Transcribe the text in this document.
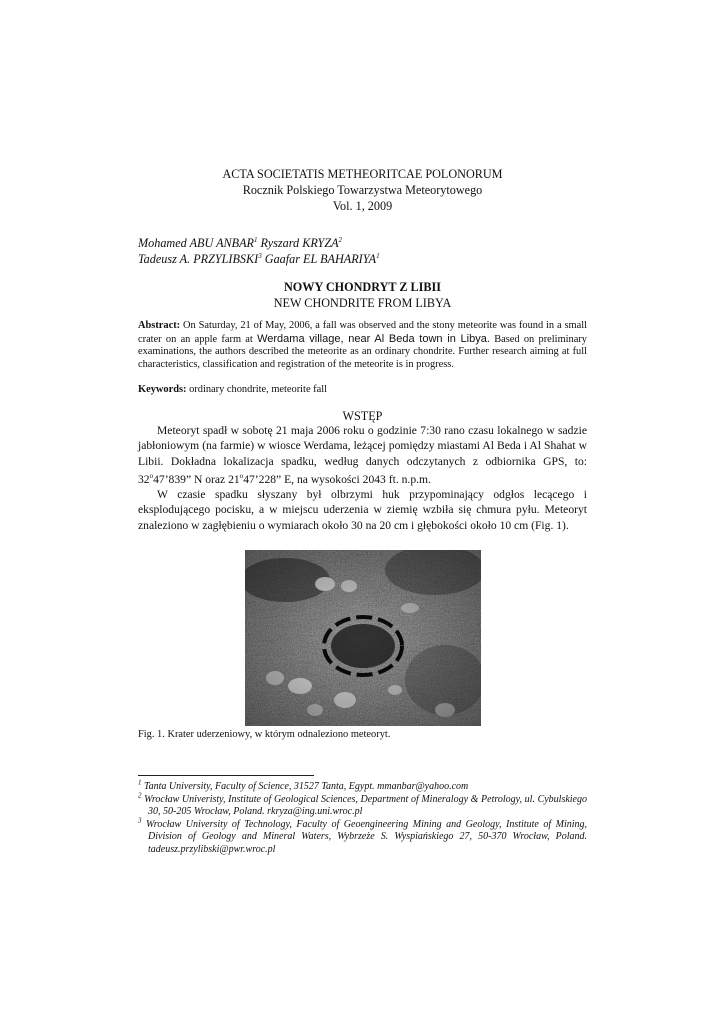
ACTA SOCIETATIS METHEORITCAE POLONORUM
Rocznik Polskiego Towarzystwa Meteorytowego
Vol. 1, 2009
Mohamed ABU ANBAR$^1$ Ryszard KRYZA$^2$
Tadeusz A. PRZYLIBSKI$^3$ Gaafar EL BAHARIYA$^1$
NOWY CHONDRYT Z LIBII
NEW CHONDRITE FROM LIBYA
Abstract: On Saturday, 21 of May, 2006, a fall was observed and the stony meteorite was found in a small crater on an apple farm at Werdama village, near Al Beda town in Libya. Based on preliminary examinations, the authors described the meteorite as an ordinary chondrite. Further research aiming at full characteristics, classification and registration of the meteorite is in progress.
Keywords: ordinary chondrite, meteorite fall
WSTĘP

Meteoryt spadł w sobotę 21 maja 2006 roku o godzinie 7:30 rano czasu lokalnego w sadzie jabłoniowym (na farmie) w wiosce Werdama, leżącej pomiędzy miastami Al Beda i Al Shahat w Libii. Dokładna lokalizacja spadku, według danych odczytanych z odbiornika GPS, to: 32$^o$47’839” N oraz 21$^o$47’228” E, na wysokości 2043 ft. n.p.m.

W czasie spadku słyszany był olbrzymi huk przypominający odgłos lecącego i eksplodującego pocisku, a w miejscu uderzenia w ziemię wzbiła się chmura pyłu. Meteoryt znaleziono w zagłębieniu o wymiarach około 30 na 20 cm i głębokości około 10 cm (Fig. 1).

Fig. 1. Krater uderzeniowy, w którym odnaleziono meteoryt.
$^1$ Tanta University, Faculty of Science, 31527 Tanta, Egypt. mmanbar@yahoo.com
$^2$ Wrocław Univeristy, Institute of Geological Sciences, Department of Mineralogy & Petrology, ul. Cybulskiego 30, 50-205 Wrocław, Poland. rkryza@ing.uni.wroc.pl
$^3$ Wrocław University of Technology, Faculty of Geoengineering Mining and Geology, Institute of Mining, Division of Geology and Mineral Waters, Wybrzeże S. Wyspiańskiego 27, 50-370 Wrocław, Poland. tadeusz.przylibski@pwr.wroc.pl
